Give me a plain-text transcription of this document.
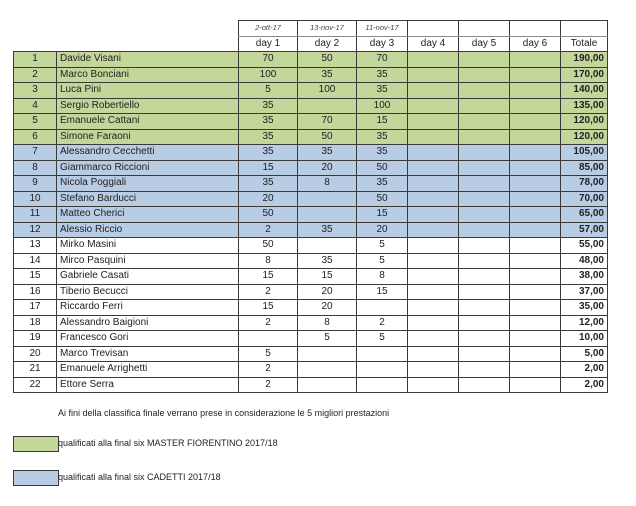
		2-ott-17	13-nov-17	11-nov-17				
		day 1	day 2	day 3	day 4	day 5	day 6	Totale
1	Davide Visani	70	50	70				190,00
2	Marco Bonciani	100	35	35				170,00
3	Luca Pini	5	100	35				140,00
4	Sergio Robertiello	35		100				135,00
5	Emanuele Cattani	35	70	15				120,00
6	Simone Faraoni	35	50	35				120,00
7	Alessandro Cecchetti	35	35	35				105,00
8	Giammarco Riccioni	15	20	50				85,00
9	Nicola Poggiali	35	8	35				78,00
10	Stefano Barducci	20		50				70,00
11	Matteo Cherici	50		15				65,00
12	Alessio Riccio	2	35	20				57,00
13	Mirko Masini	50		5				55,00
14	Mirco Pasquini	8	35	5				48,00
15	Gabriele Casati	15	15	8				38,00
16	Tiberio Becucci	2	20	15				37,00
17	Riccardo Ferri	15	20					35,00
18	Alessandro Baigioni	2	8	2				12,00
19	Francesco Gori		5	5				10,00
20	Marco Trevisan	5						5,00
21	Emanuele Arrighetti	2						2,00
22	Ettore Serra	2						2,00
Ai fini della classifica finale verrano prese in considerazione le 5 migliori prestazioni
qualificati alla final six MASTER FIORENTINO 2017/18
qualificati alla final six CADETTI 2017/18
